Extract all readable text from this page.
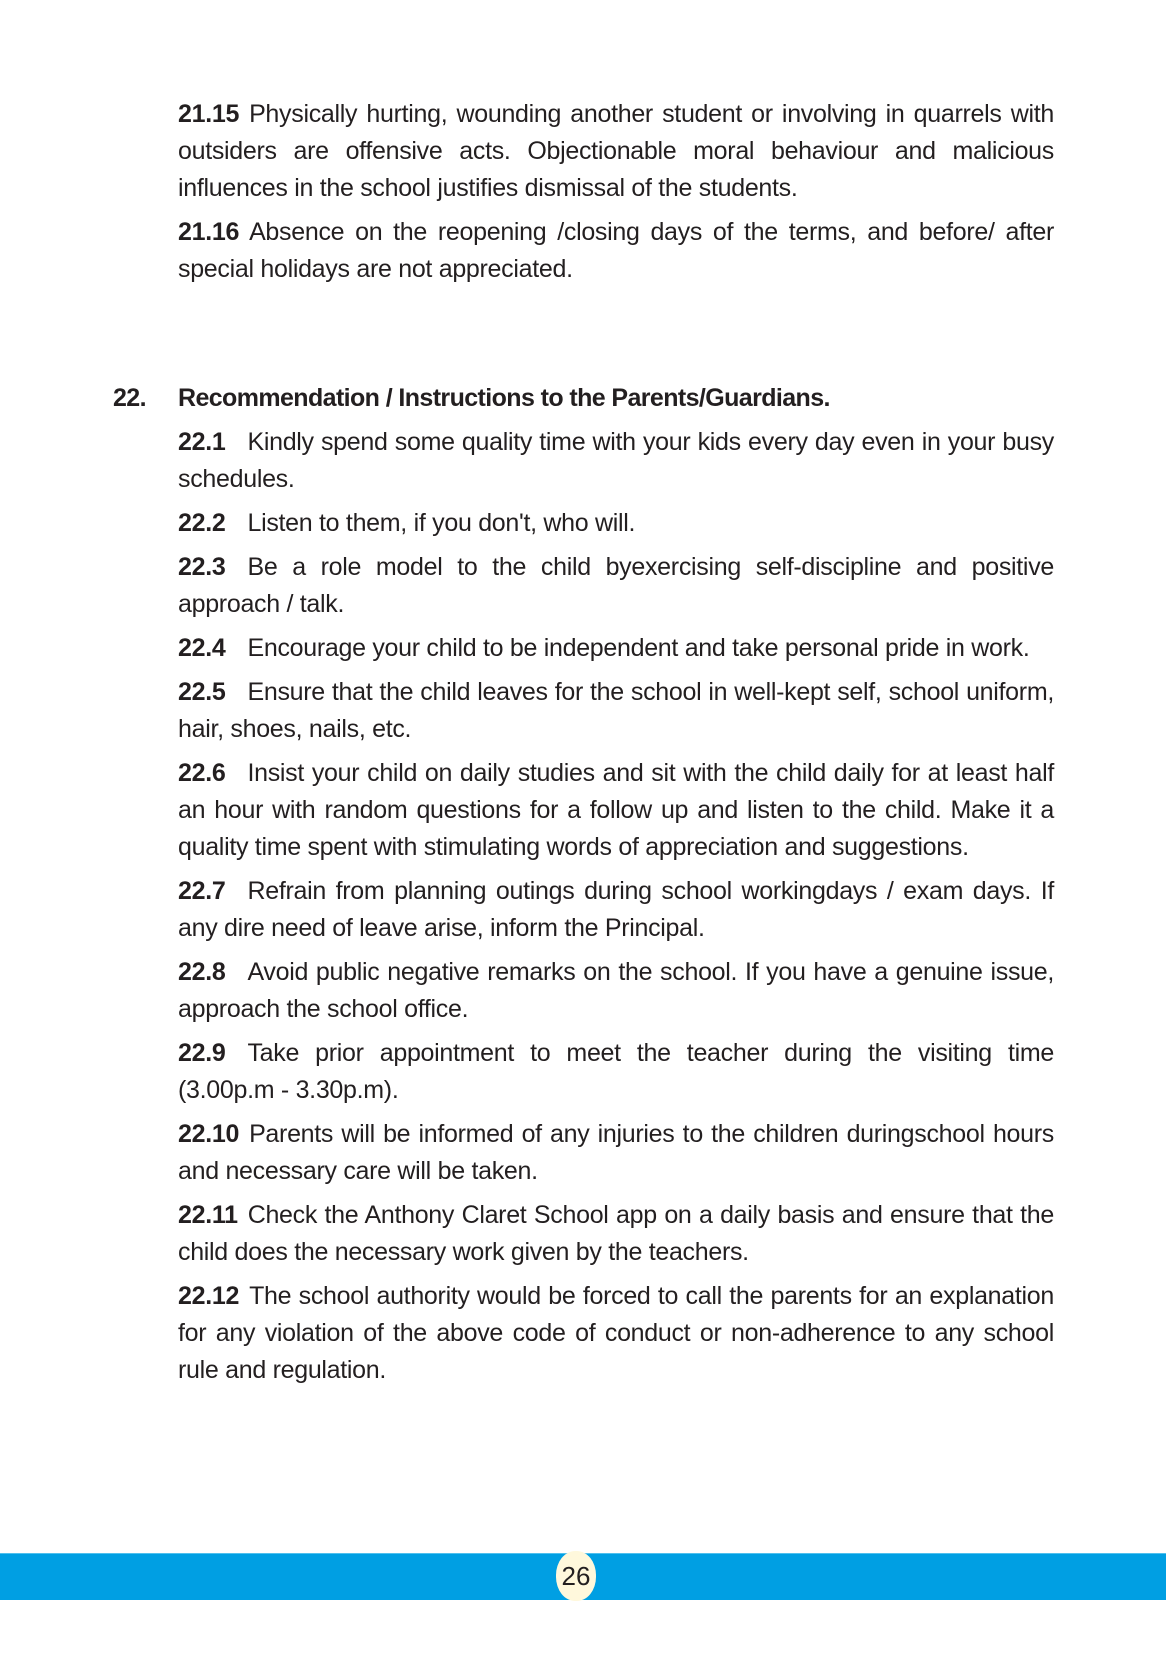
21.15 Physically hurting, wounding another student or involving in quarrels with outsiders are offensive acts. Objectionable moral behaviour and malicious influences in the school justifies dismissal of the students.

21.16 Absence on the reopening /closing days of the terms, and before/ after special holidays are not appreciated.

22. Recommendation / Instructions to the Parents/Guardians.

22.1 Kindly spend some quality time with your kids every day even in your busy schedules.

22.2 Listen to them, if you don't, who will.

22.3 Be a role model to the child byexercising self-discipline and positive approach / talk.

22.4 Encourage your child to be independent and take personal pride in work.

22.5 Ensure that the child leaves for the school in well-kept self, school uniform, hair, shoes, nails, etc.

22.6 Insist your child on daily studies and sit with the child daily for at least half an hour with random questions for a follow up and listen to the child. Make it a quality time spent with stimulating words of appreciation and suggestions.

22.7 Refrain from planning outings during school workingdays / exam days. If any dire need of leave arise, inform the Principal.

22.8 Avoid public negative remarks on the school. If you have a genuine issue, approach the school office.

22.9 Take prior appointment to meet the teacher during the visiting time (3.00p.m - 3.30p.m).

22.10 Parents will be informed of any injuries to the children duringschool hours and necessary care will be taken.

22.11 Check the Anthony Claret School app on a daily basis and ensure that the child does the necessary work given by the teachers.

22.12 The school authority would be forced to call the parents for an explanation for any violation of the above code of conduct or non-adherence to any school rule and regulation.

26
